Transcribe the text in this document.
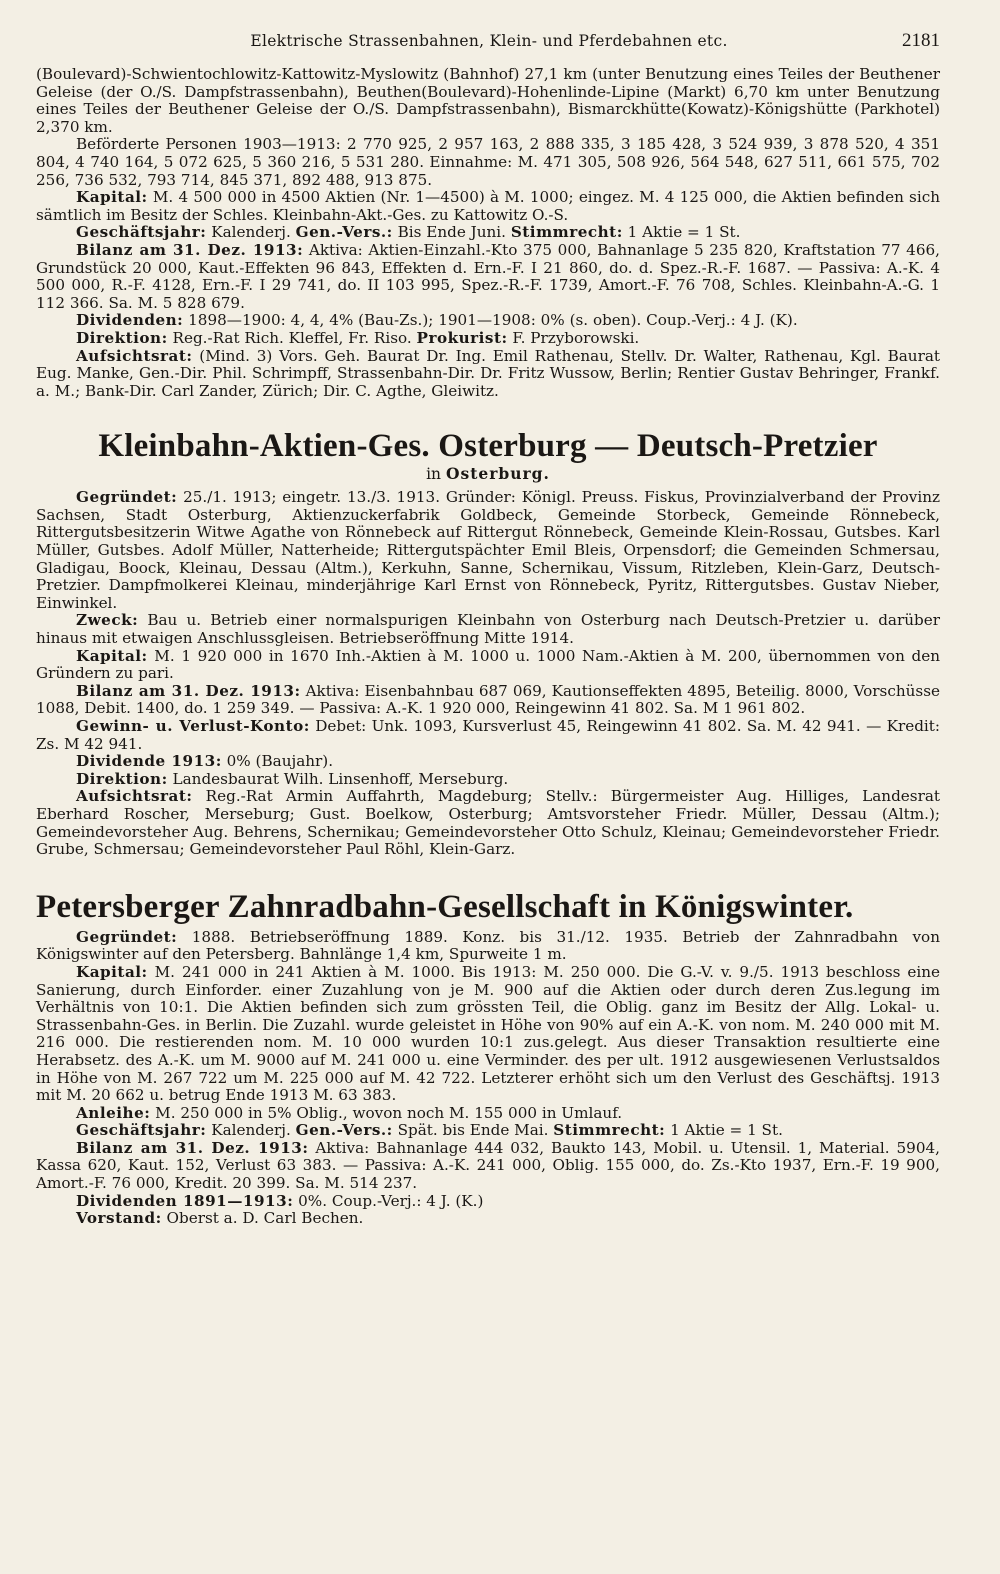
Elektrische Strassenbahnen, Klein- und Pferdebahnen etc.	2181

(Boulevard)-Schwientochlowitz-Kattowitz-Myslowitz (Bahnhof) 27,1 km (unter Benutzung eines Teiles der Beuthener Geleise (der O./S. Dampfstrassenbahn), Beuthen(Boulevard)-Hohenlinde-Lipine (Markt) 6,70 km unter Benutzung eines Teiles der Beuthener Geleise der O./S. Dampfstrassenbahn), Bismarckhütte(Kowatz)-Königshütte (Parkhotel) 2,370 km.

Beförderte Personen 1903—1913: 2 770 925, 2 957 163, 2 888 335, 3 185 428, 3 524 939, 3 878 520, 4 351 804, 4 740 164, 5 072 625, 5 360 216, 5 531 280. Einnahme: M. 471 305, 508 926, 564 548, 627 511, 661 575, 702 256, 736 532, 793 714, 845 371, 892 488, 913 875.

Kapital: M. 4 500 000 in 4500 Aktien (Nr. 1—4500) à M. 1000; eingez. M. 4 125 000, die Aktien befinden sich sämtlich im Besitz der Schles. Kleinbahn-Akt.-Ges. zu Kattowitz O.-S.

Geschäftsjahr: Kalenderj. Gen.-Vers.: Bis Ende Juni. Stimmrecht: 1 Aktie = 1 St.

Bilanz am 31. Dez. 1913: Aktiva: Aktien-Einzahl.-Kto 375 000, Bahnanlage 5 235 820, Kraftstation 77 466, Grundstück 20 000, Kaut.-Effekten 96 843, Effekten d. Ern.-F. I 21 860, do. d. Spez.-R.-F. 1687. — Passiva: A.-K. 4 500 000, R.-F. 4128, Ern.-F. I 29 741, do. II 103 995, Spez.-R.-F. 1739, Amort.-F. 76 708, Schles. Kleinbahn-A.-G. 1 112 366. Sa. M. 5 828 679.

Dividenden: 1898—1900: 4, 4, 4% (Bau-Zs.); 1901—1908: 0% (s. oben). Coup.-Verj.: 4 J. (K).

Direktion: Reg.-Rat Rich. Kleffel, Fr. Riso. Prokurist: F. Przyborowski.

Aufsichtsrat: (Mind. 3) Vors. Geh. Baurat Dr. Ing. Emil Rathenau, Stellv. Dr. Walter, Rathenau, Kgl. Baurat Eug. Manke, Gen.-Dir. Phil. Schrimpff, Strassenbahn-Dir. Dr. Fritz Wussow, Berlin; Rentier Gustav Behringer, Frankf. a. M.; Bank-Dir. Carl Zander, Zürich; Dir. C. Agthe, Gleiwitz.

Kleinbahn-Aktien-Ges. Osterburg — Deutsch-Pretzier
in Osterburg.

Gegründet: 25./1. 1913; eingetr. 13./3. 1913. Gründer: Königl. Preuss. Fiskus, Provinzialverband der Provinz Sachsen, Stadt Osterburg, Aktienzuckerfabrik Goldbeck, Gemeinde Storbeck, Gemeinde Rönnebeck, Rittergutsbesitzerin Witwe Agathe von Rönnebeck auf Rittergut Rönnebeck, Gemeinde Klein-Rossau, Gutsbes. Karl Müller, Gutsbes. Adolf Müller, Natterheide; Rittergutspächter Emil Bleis, Orpensdorf; die Gemeinden Schmersau, Gladigau, Boock, Kleinau, Dessau (Altm.), Kerkuhn, Sanne, Schernikau, Vissum, Ritzleben, Klein-Garz, Deutsch-Pretzier. Dampfmolkerei Kleinau, minderjährige Karl Ernst von Rönnebeck, Pyritz, Rittergutsbes. Gustav Nieber, Einwinkel.

Zweck: Bau u. Betrieb einer normalspurigen Kleinbahn von Osterburg nach Deutsch-Pretzier u. darüber hinaus mit etwaigen Anschlussgleisen. Betriebseröffnung Mitte 1914.

Kapital: M. 1 920 000 in 1670 Inh.-Aktien à M. 1000 u. 1000 Nam.-Aktien à M. 200, übernommen von den Gründern zu pari.

Bilanz am 31. Dez. 1913: Aktiva: Eisenbahnbau 687 069, Kautionseffekten 4895, Beteilig. 8000, Vorschüsse 1088, Debit. 1400, do. 1 259 349. — Passiva: A.-K. 1 920 000, Reingewinn 41 802. Sa. M 1 961 802.

Gewinn- u. Verlust-Konto: Debet: Unk. 1093, Kursverlust 45, Reingewinn 41 802. Sa. M. 42 941. — Kredit: Zs. M 42 941.

Dividende 1913: 0% (Baujahr).

Direktion: Landesbaurat Wilh. Linsenhoff, Merseburg.

Aufsichtsrat: Reg.-Rat Armin Auffahrth, Magdeburg; Stellv.: Bürgermeister Aug. Hilliges, Landesrat Eberhard Roscher, Merseburg; Gust. Boelkow, Osterburg; Amtsvorsteher Friedr. Müller, Dessau (Altm.); Gemeindevorsteher Aug. Behrens, Schernikau; Gemeindevorsteher Otto Schulz, Kleinau; Gemeindevorsteher Friedr. Grube, Schmersau; Gemeindevorsteher Paul Röhl, Klein-Garz.

Petersberger Zahnradbahn-Gesellschaft in Königswinter.

Gegründet: 1888. Betriebseröffnung 1889. Konz. bis 31./12. 1935. Betrieb der Zahnradbahn von Königswinter auf den Petersberg. Bahnlänge 1,4 km, Spurweite 1 m.

Kapital: M. 241 000 in 241 Aktien à M. 1000. Bis 1913: M. 250 000. Die G.-V. v. 9./5. 1913 beschloss eine Sanierung, durch Einforder. einer Zuzahlung von je M. 900 auf die Aktien oder durch deren Zus.legung im Verhältnis von 10:1. Die Aktien befinden sich zum grössten Teil, die Oblig. ganz im Besitz der Allg. Lokal- u. Strassenbahn-Ges. in Berlin. Die Zuzahl. wurde geleistet in Höhe von 90% auf ein A.-K. von nom. M. 240 000 mit M. 216 000. Die restierenden nom. M. 10 000 wurden 10:1 zus.gelegt. Aus dieser Transaktion resultierte eine Herabsetz. des A.-K. um M. 9000 auf M. 241 000 u. eine Verminder. des per ult. 1912 ausgewiesenen Verlustsaldos in Höhe von M. 267 722 um M. 225 000 auf M. 42 722. Letzterer erhöht sich um den Verlust des Geschäftsj. 1913 mit M. 20 662 u. betrug Ende 1913 M. 63 383.

Anleihe: M. 250 000 in 5% Oblig., wovon noch M. 155 000 in Umlauf.

Geschäftsjahr: Kalenderj. Gen.-Vers.: Spät. bis Ende Mai. Stimmrecht: 1 Aktie = 1 St.

Bilanz am 31. Dez. 1913: Aktiva: Bahnanlage 444 032, Baukto 143, Mobil. u. Utensil. 1, Material. 5904, Kassa 620, Kaut. 152, Verlust 63 383. — Passiva: A.-K. 241 000, Oblig. 155 000, do. Zs.-Kto 1937, Ern.-F. 19 900, Amort.-F. 76 000, Kredit. 20 399. Sa. M. 514 237.

Dividenden 1891—1913: 0%. Coup.-Verj.: 4 J. (K.)

Vorstand: Oberst a. D. Carl Bechen.
